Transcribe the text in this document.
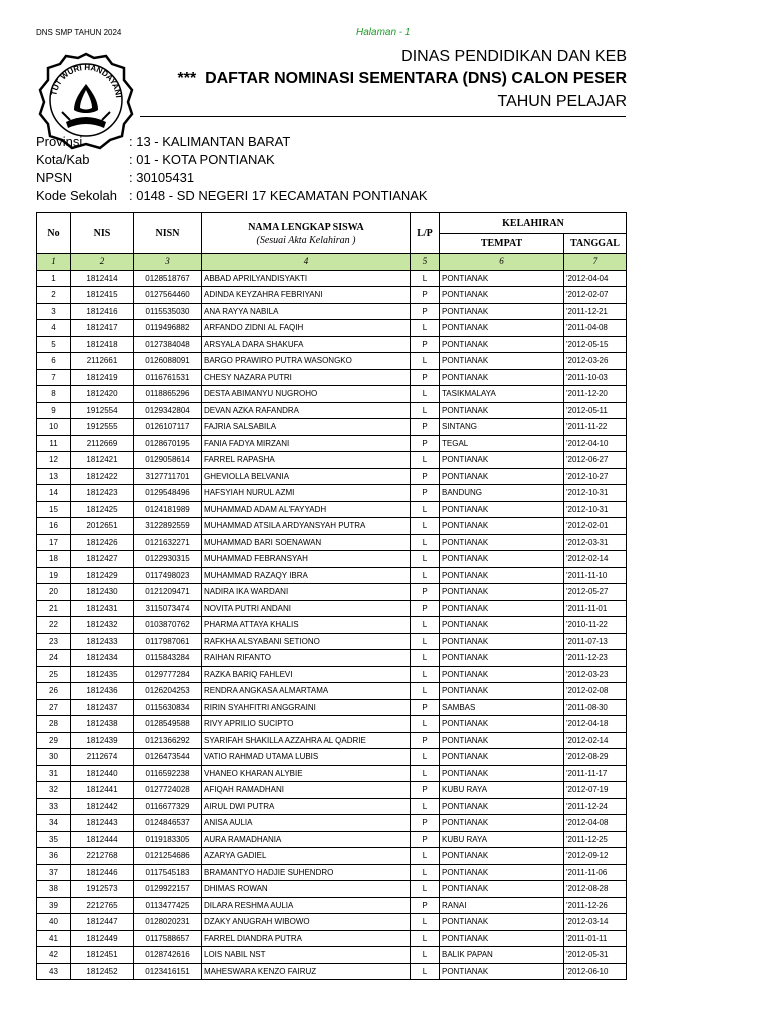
DNS SMP TAHUN 2024	Halaman - 1
TUT WURI HANDAYANI
DINAS PENDIDIKAN DAN KEB
***  DAFTAR NOMINASI SEMENTARA (DNS) CALON PESER
TAHUN PELAJAR
Provinsi	: 13 - KALIMANTAN BARAT
Kota/Kab	: 01 - KOTA PONTIANAK
NPSN	: 30105431
Kode Sekolah : 0148 - SD NEGERI 17 KECAMATAN PONTIANAK
No	NIS	NISN	NAMA LENGKAP SISWA
(Sesuai Akta Kelahiran )	L/P	KELAHIRAN	
					TEMPAT	TANGGAL
1	2	3	4	5	6	7
1	1812414	0128518767	ABBAD APRILYANDISYAKTI	L	PONTIANAK	'2012-04-04
2	1812415	0127564460	ADINDA KEYZAHRA FEBRIYANI	P	PONTIANAK	'2012-02-07
3	1812416	0115535030	ANA RAYYA NABILA	P	PONTIANAK	'2011-12-21
4	1812417	0119496882	ARFANDO ZIDNI AL FAQIH	L	PONTIANAK	'2011-04-08
5	1812418	0127384048	ARSYALA DARA SHAKUFA	P	PONTIANAK	'2012-05-15
6	2112661	0126088091	BARGO PRAWIRO PUTRA WASONGKO	L	PONTIANAK	'2012-03-26
7	1812419	0116761531	CHESY NAZARA PUTRI	P	PONTIANAK	'2011-10-03
8	1812420	0118865296	DESTA ABIMANYU NUGROHO	L	TASIKMALAYA	'2011-12-20
9	1912554	0129342804	DEVAN AZKA RAFANDRA	L	PONTIANAK	'2012-05-11
10	1912555	0126107117	FAJRIA SALSABILA	P	SINTANG	'2011-11-22
11	2112669	0128670195	FANIA FADYA MIRZANI	P	TEGAL	'2012-04-10
12	1812421	0129058614	FARREL RAPASHA	L	PONTIANAK	'2012-06-27
13	1812422	3127711701	GHEVIOLLA BELVANIA	P	PONTIANAK	'2012-10-27
14	1812423	0129548496	HAFSYIAH NURUL AZMI	P	BANDUNG	'2012-10-31
15	1812425	0124181989	MUHAMMAD ADAM AL'FAYYADH	L	PONTIANAK	'2012-10-31
16	2012651	3122892559	MUHAMMAD ATSILA ARDYANSYAH PUTRA	L	PONTIANAK	'2012-02-01
17	1812426	0121632271	MUHAMMAD BARI SOENAWAN	L	PONTIANAK	'2012-03-31
18	1812427	0122930315	MUHAMMAD FEBRANSYAH	L	PONTIANAK	'2012-02-14
19	1812429	0117498023	MUHAMMAD RAZAQY IBRA	L	PONTIANAK	'2011-11-10
20	1812430	0121209471	NADIRA IKA WARDANI	P	PONTIANAK	'2012-05-27
21	1812431	3115073474	NOVITA PUTRI ANDANI	P	PONTIANAK	'2011-11-01
22	1812432	0103870762	PHARMA ATTAYA KHALIS	L	PONTIANAK	'2010-11-22
23	1812433	0117987061	RAFKHA ALSYABANI SETIONO	L	PONTIANAK	'2011-07-13
24	1812434	0115843284	RAIHAN RIFANTO	L	PONTIANAK	'2011-12-23
25	1812435	0129777284	RAZKA BARIQ FAHLEVI	L	PONTIANAK	'2012-03-23
26	1812436	0126204253	RENDRA ANGKASA ALMARTAMA	L	PONTIANAK	'2012-02-08
27	1812437	0115630834	RIRIN SYAHFITRI ANGGRAINI	P	SAMBAS	'2011-08-30
28	1812438	0128549588	RIVY APRILIO SUCIPTO	L	PONTIANAK	'2012-04-18
29	1812439	0121366292	SYARIFAH SHAKILLA AZZAHRA AL QADRIE	P	PONTIANAK	'2012-02-14
30	2112674	0126473544	VATIO RAHMAD UTAMA LUBIS	L	PONTIANAK	'2012-08-29
31	1812440	0116592238	VHANEO KHARAN ALYBIE	L	PONTIANAK	'2011-11-17
32	1812441	0127724028	AFIQAH RAMADHANI	P	KUBU RAYA	'2012-07-19
33	1812442	0116677329	AIRUL DWI PUTRA	L	PONTIANAK	'2011-12-24
34	1812443	0124846537	ANISA AULIA	P	PONTIANAK	'2012-04-08
35	1812444	0119183305	AURA RAMADHANIA	P	KUBU RAYA	'2011-12-25
36	2212768	0121254686	AZARYA GADIEL	L	PONTIANAK	'2012-09-12
37	1812446	0117545183	BRAMANTYO HADJIE SUHENDRO	L	PONTIANAK	'2011-11-06
38	1912573	0129922157	DHIMAS ROWAN	L	PONTIANAK	'2012-08-28
39	2212765	0113477425	DILARA RESHMA AULIA	P	RANAI	'2011-12-26
40	1812447	0128020231	DZAKY ANUGRAH WIBOWO	L	PONTIANAK	'2012-03-14
41	1812449	0117588657	FARREL DIANDRA PUTRA	L	PONTIANAK	'2011-01-11
42	1812451	0128742616	LOIS NABIL NST	L	BALIK PAPAN	'2012-05-31
43	1812452	0123416151	MAHESWARA KENZO FAIRUZ	L	PONTIANAK	'2012-06-10
